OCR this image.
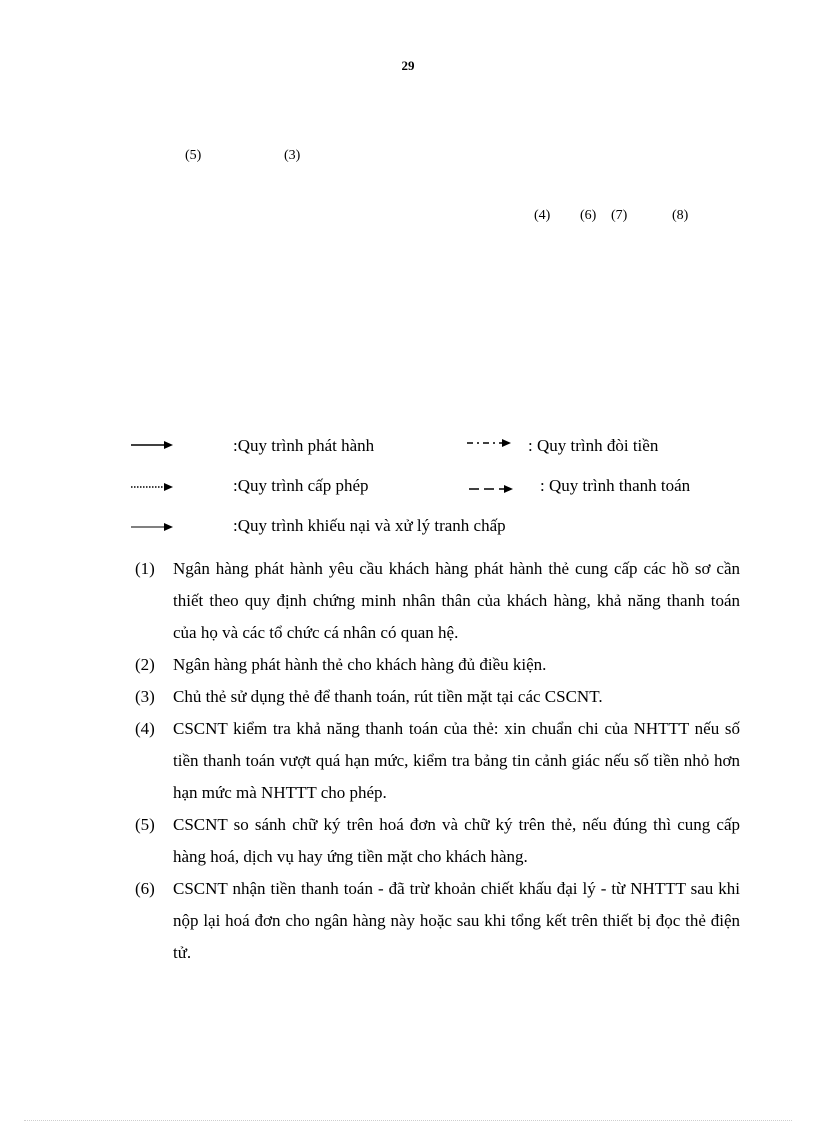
29
(5)	(3)
(4) (6) (7)	(8)
:Quy trình phát hành	: Quy trình đòi tiền
:Quy trình cấp phép	: Quy trình thanh toán
:Quy trình khiếu nại và xử lý tranh chấp
(1) Ngân hàng phát hành yêu cầu khách hàng phát hành thẻ cung cấp các hồ sơ cần thiết theo quy định chứng minh nhân thân của khách hàng, khả năng thanh toán của họ và các tổ chức cá nhân có quan hệ.
(2) Ngân hàng phát hành thẻ cho khách hàng đủ điều kiện.
(3) Chủ thẻ sử dụng thẻ để thanh toán, rút tiền mặt tại các CSCNT.
(4) CSCNT kiểm tra khả năng thanh toán của thẻ: xin chuẩn chi của NHTTT nếu số tiền thanh toán vượt quá hạn mức, kiểm tra bảng tin cảnh giác nếu số tiền nhỏ hơn hạn mức mà NHTTT cho phép.
(5) CSCNT so sánh chữ ký trên hoá đơn và chữ ký trên thẻ, nếu đúng thì cung cấp hàng hoá, dịch vụ hay ứng tiền mặt cho khách hàng.
(6) CSCNT nhận tiền thanh toán - đã trừ khoản chiết khấu đại lý - từ NHTTT sau khi nộp lại hoá đơn cho ngân hàng này hoặc sau khi tổng kết trên thiết bị đọc thẻ điện tử.
